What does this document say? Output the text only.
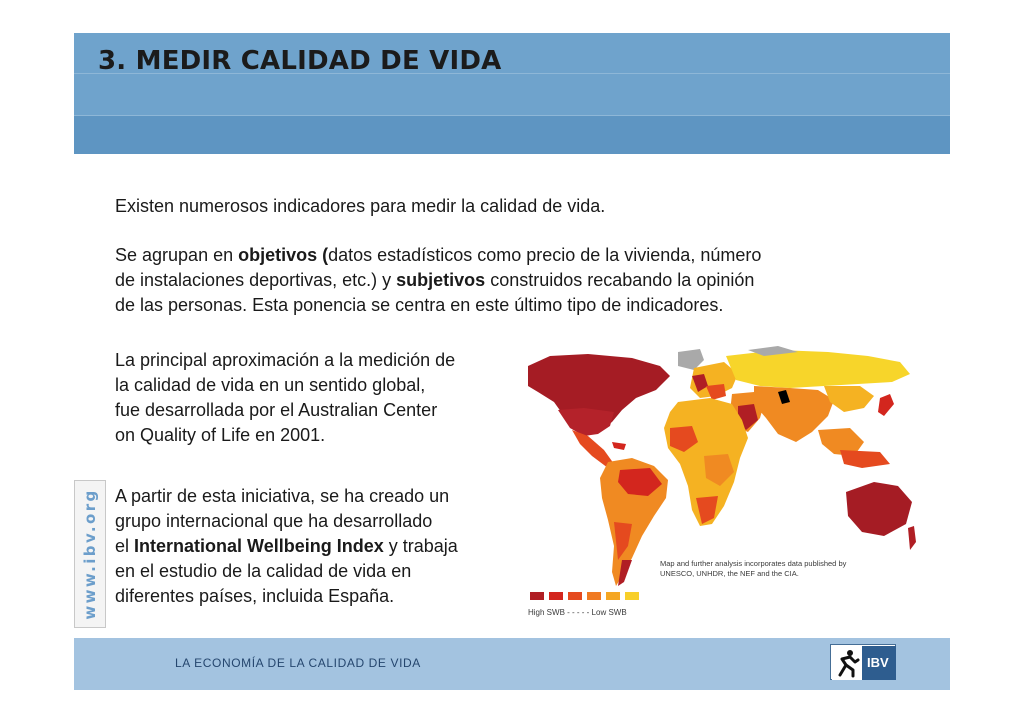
3. MEDIR CALIDAD DE VIDA
www.ibv.org

Existen numerosos indicadores para medir la calidad de vida.

Se agrupan en objetivos (datos estadísticos como precio de la vivienda, número

de instalaciones deportivas, etc.) y subjetivos construidos recabando la opinión

de las personas. Esta ponencia se centra en este último tipo de indicadores.

La principal aproximación a la medición de

la calidad de vida en un sentido global,

fue desarrollada por el Australian Center

on Quality of Life en 2001.

Map and further analysis incorporates data published by
UNESCO, UNHDR, the NEF and the CIA.
High SWB - - - - - Low SWB

A partir de esta iniciativa, se ha creado un

grupo internacional que ha desarrollado

el International Wellbeing Index y trabaja

en el estudio de la calidad de vida en

diferentes países, incluida España.

LA ECONOMÍA DE LA CALIDAD DE VIDA	IBV
